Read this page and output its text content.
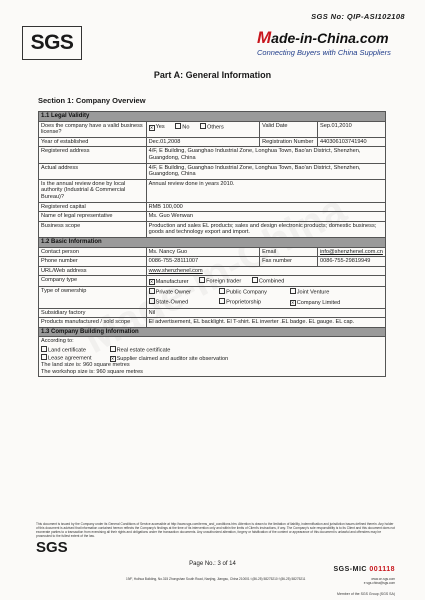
SGS No: QIP-ASI102108
SGS	Made-in-China.com
Connecting Buyers with China Suppliers
Part A: General Information
Section 1: Company Overview
1.1 Legal Validity			
Does the company have a valid business license?	✕ Yes No Others	Valid Date	Sep.01,2010
Year of established	Dec.01,2008	Registration Number	440306103741940
Registered address	4/F, E Building, Guanghao Industrial Zone, Longhua Town, Bao'an District, Shenzhen, Guangdong, China		
Actual address	4/F, E Building, Guanghao Industrial Zone, Longhua Town, Bao'an District, Shenzhen, Guangdong, China		
Is the annual review done by local authority (Industrial & Commercial Bureau)?	Annual review done in years 2010.		
Registered capital	RMB 100,000		
Name of legal representative	Ms. Guo Wenwan		
Business scope	Production and sales EL products; sales and design electronic products; domestic business; goods and technology export and import.		
1.2 Basic Information			
Contact person	Ms. Nancy Guo	Email	info@shenzhenel.com.cn
Phone number	0086-755-28111007	Fax number	0086-755-29819949
URL/Web address	www.shenzhenel.com		
Company type	✕ Manufacturer Foreign trader Combined		
Type of ownership	Private Owner Public Company Joint Venture
State-Owned Proprietorship ✕ Company Limited		

Subsidiary factory	Nil		
Products manufactured / sold scope	El advertisement, EL backlight. El T-shirt. EL inverter .EL badge. EL gauge. EL cap.		
1.3 Company Building Information			

According to:
Land certificate Real estate certificate
Lease agreement ✕ Supplier claimed and auditor site observation
The land size is: 960 square metres
The workshop size is: 960 square metres			
This document is issued by the Company under its General Conditions of Service accessible at http://www.sgs.com/terms_and_conditions.htm. Attention is drawn to the limitation of liability, indemnification and jurisdiction issues defined therein. Any holder of this document is advised that information contained hereon reflects the Company's findings at the time of its intervention only and within the limits of Client's instructions, if any. The Company's sole responsibility is to its Client and this document does not exonerate parties to a transaction from exercising all their rights and obligations under the transaction documents. Any unauthorized alteration, forgery or falsification of the content or appearance of this document is unlawful and offenders may be prosecuted to the fullest extent of the law.
SGS
Page No.: 3 of 14
19/F, Huihua Building, No.315 Zhongshan South Road, Nanjing, Jiangsu, China 210001 t (86-25) 58275210 f (86-25) 58275211
SGS-MIC 001118
www.cn.sgs.com
e sgs.china@sgs.com
Member of the SGS Group (SGS SA)
